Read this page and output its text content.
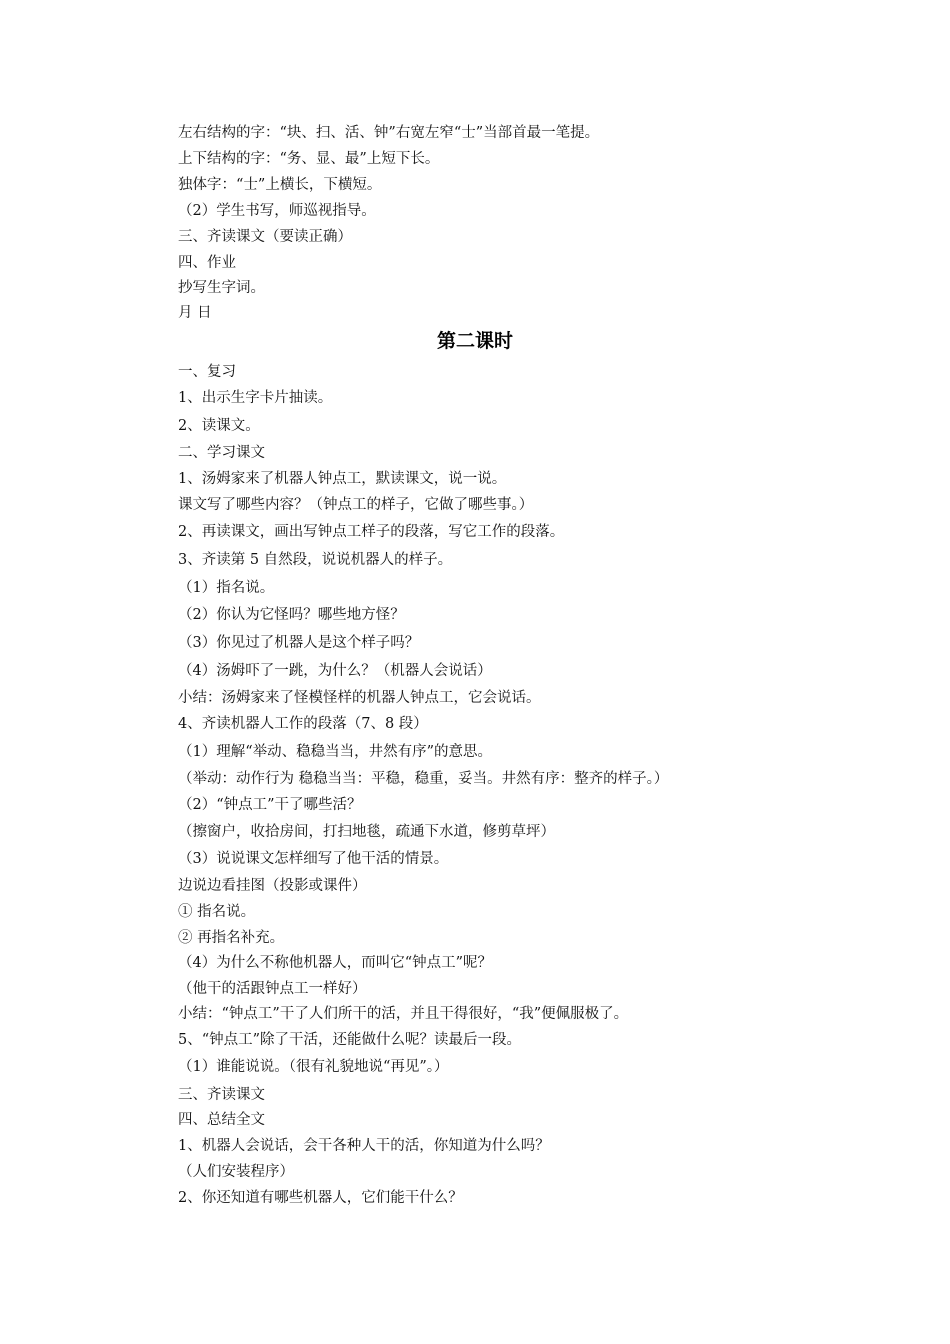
左右结构的字：“块、扫、活、钟”右宽左窄“士”当部首最一笔提。
上下结构的字：“务、显、最”上短下长。
独体字：“士”上横长，下横短。
（2）学生书写，师巡视指导。
三、齐读课文（要读正确）
四、作业
抄写生字词。
月 日
第二课时
一、复习
1、出示生字卡片抽读。
2、读课文。
二、学习课文
1、汤姆家来了机器人钟点工，默读课文，说一说。
课文写了哪些内容？（钟点工的样子，它做了哪些事。）
2、再读课文，画出写钟点工样子的段落，写它工作的段落。
3、齐读第 5 自然段，说说机器人的样子。
（1）指名说。
（2）你认为它怪吗？哪些地方怪？
（3）你见过了机器人是这个样子吗？
（4）汤姆吓了一跳，为什么？（机器人会说话）
小结：汤姆家来了怪模怪样的机器人钟点工，它会说话。
4、齐读机器人工作的段落（7、8 段）
（1）理解“举动、稳稳当当，井然有序”的意思。
（举动：动作行为 稳稳当当：平稳，稳重，妥当。井然有序：整齐的样子。）
（2）“钟点工”干了哪些活？
（擦窗户，收拾房间，打扫地毯，疏通下水道，修剪草坪）
（3）说说课文怎样细写了他干活的情景。
边说边看挂图（投影或课件）
① 指名说。
② 再指名补充。
（4）为什么不称他机器人，而叫它“钟点工”呢？
（他干的活跟钟点工一样好）
小结：“钟点工”干了人们所干的活，并且干得很好，“我”便佩服极了。
5、“钟点工”除了干活，还能做什么呢？读最后一段。
（1）谁能说说。（很有礼貌地说“再见”。）
三、齐读课文
四、总结全文
1、机器人会说话，会干各种人干的活，你知道为什么吗？
（人们安装程序）
2、你还知道有哪些机器人，它们能干什么？
